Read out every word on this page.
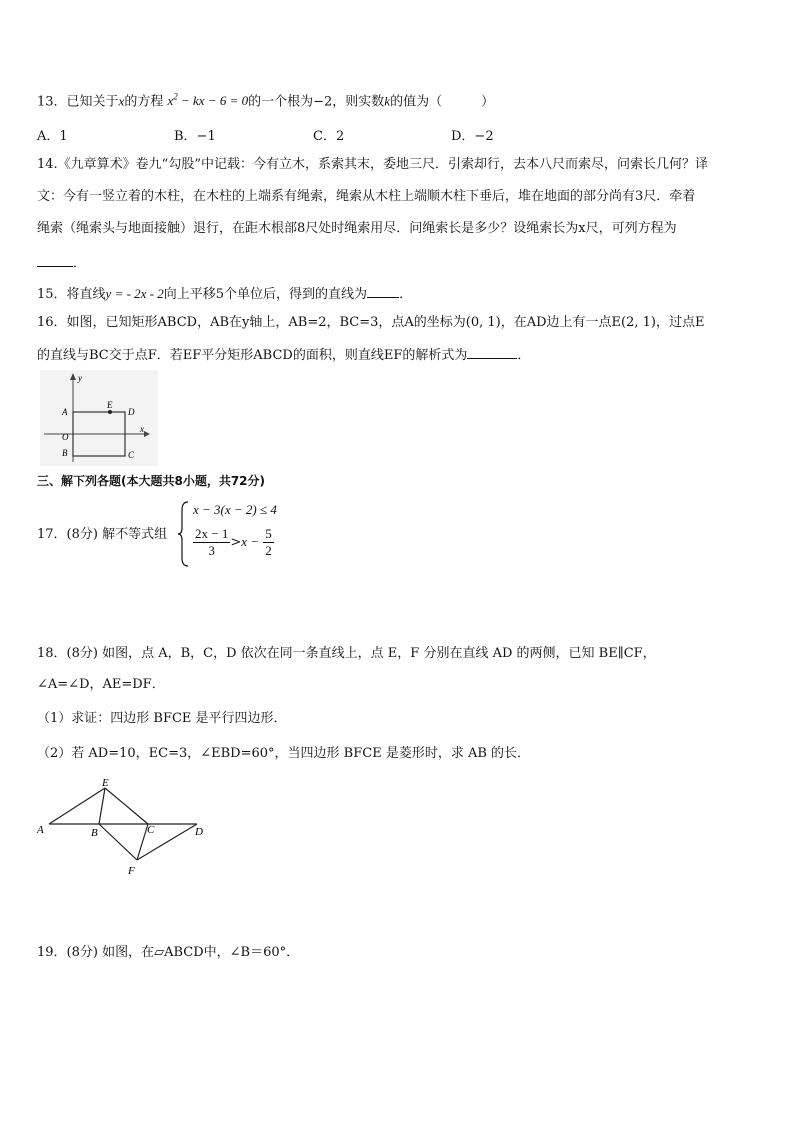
13．已知关于x的方程 $x^2$ − kx − 6 = 0的一个根为−2，则实数k的值为（　　　）
A．1	B．−1	C．2	D．−2
14.《九章算术》卷九“勾股”中记载：今有立木，系索其末，委地三尺．引索却行，去本八尺而索尽，问索长几何？译
文：今有一竖立着的木柱，在木柱的上端系有绳索，绳索从木柱上端顺木柱下垂后，堆在地面的部分尚有3尺．牵着
绳索（绳索头与地面接触）退行，在距木根部8尺处时绳索用尽．问绳索长是多少？设绳索长为x尺，可列方程为
．
15．将直线y = - 2x - 2向上平移5个单位后，得到的直线为 ．
16．如图，已知矩形ABCD，AB在y轴上，AB=2，BC=3，点A的坐标为(0, 1)，在AD边上有一点E(2, 1)，过点E
的直线与BC交于点F．若EF平分矩形ABCD的面积，则直线EF的解析式为	．
y
x
A
E
D
O
B	C
三、解下列各题(本大题共8小题，共72分)
17．(8分) 解不等式组
x − 3(x − 2) ≤ 4
$\frac{2x - 1}{3} >x - \frac{5}{2}$
18．(8分) 如图，点 A，B，C，D 依次在同一条直线上，点 E，F 分别在直线 AD 的两侧，已知 BE∥CF，
∠A=∠D，AE=DF．
（1）求证：四边形 BFCE 是平行四边形．
（2）若 AD=10，EC=3，∠EBD=60°，当四边形 BFCE 是菱形时，求 AB 的长．
E
A	B	C	D
F
19．(8分) 如图，在▱ABCD中，∠B＝60°．
